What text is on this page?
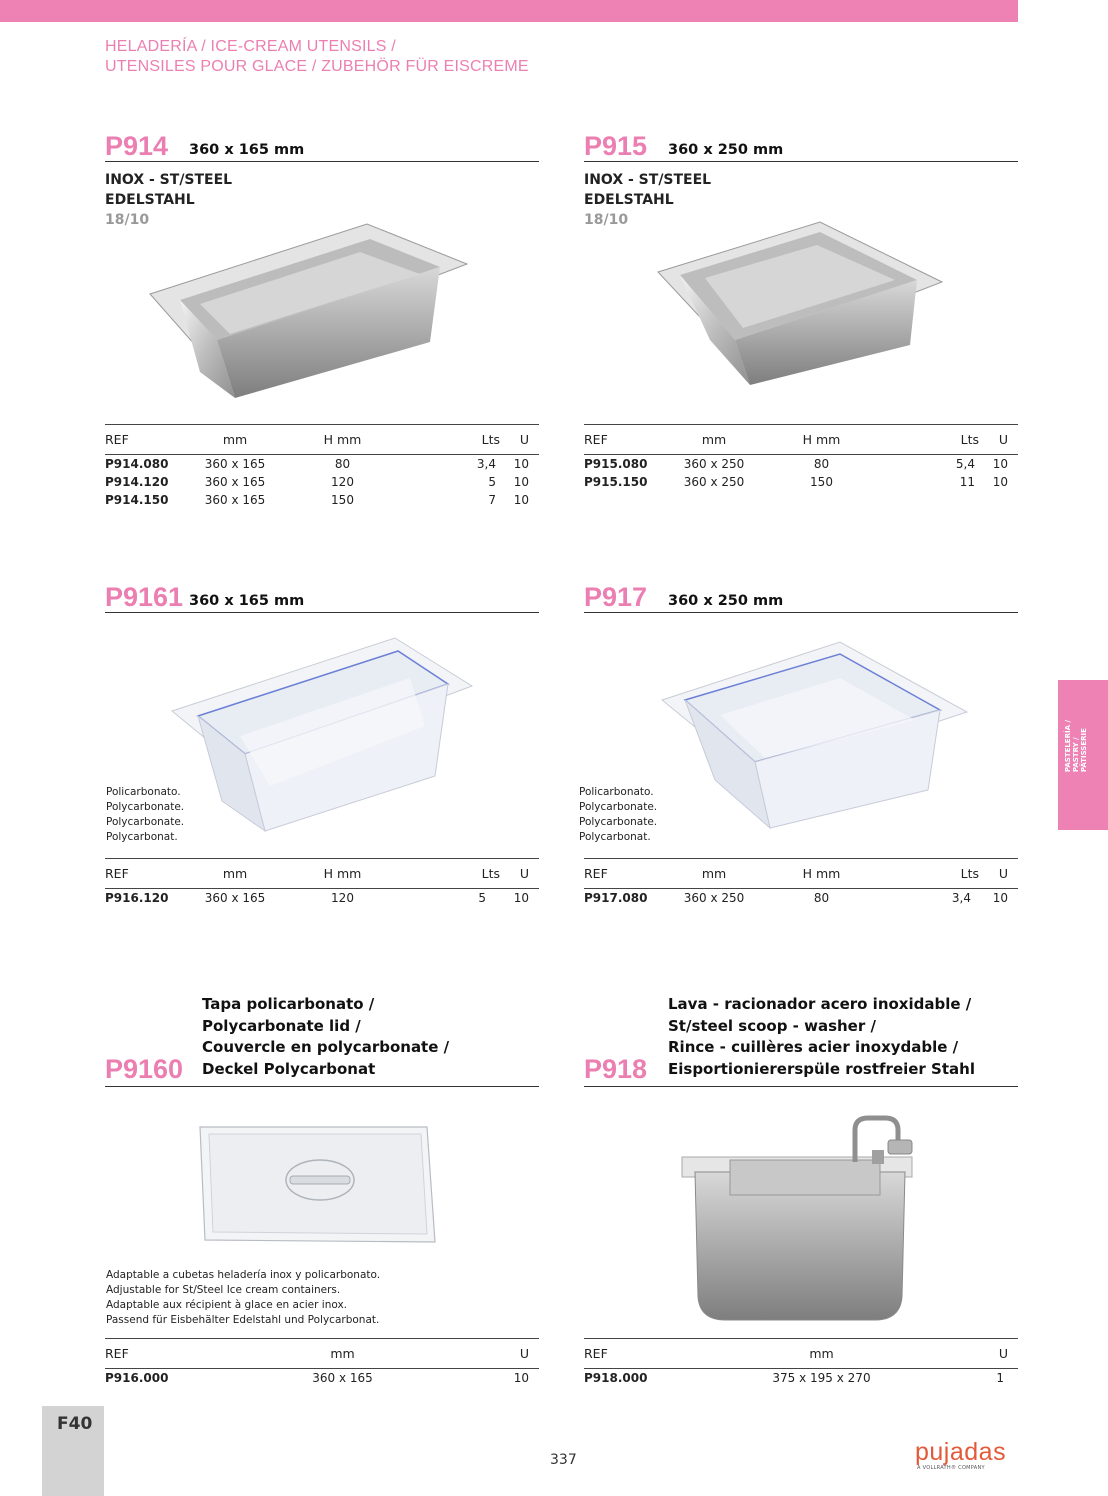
HELADERÍA / ICE-CREAM UTENSILS /
UTENSILES POUR GLACE / ZUBEHÖR FÜR EISCREME
P914 360 x 165 mm
INOX - ST/STEEL
EDELSTAHL
18/10
REF	mm	H mm	Lts	U
P914.080	360 x 165	80	3,4	10
P914.120	360 x 165	120	5	10
P914.150	360 x 165	150	7	10
P915 360 x 250 mm
INOX - ST/STEEL
EDELSTAHL
18/10
REF	mm	H mm	Lts	U
P915.080	360 x 250	80	5,4	10
P915.150	360 x 250	150	11	10
P9161 360 x 165 mm
Policarbonato.
Polycarbonate.
Polycarbonate.
Polycarbonat.
REF	mm	H mm	Lts	U
P916.120	360 x 165	120	5	10
P917 360 x 250 mm
Policarbonato.
Polycarbonate.
Polycarbonate.
Polycarbonat.
REF	mm	H mm	Lts	U
P917.080	360 x 250	80	3,4	10
P9160
Tapa policarbonato /
Polycarbonate lid /
Couvercle en polycarbonate /
Deckel Polycarbonat
Adaptable a cubetas heladería inox y policarbonato.
Adjustable for St/Steel Ice cream containers.
Adaptable aux récipient à glace en acier inox.
Passend für Eisbehälter Edelstahl und Polycarbonat.
REF	mm	U
P916.000	360 x 165	10
P918
Lava - racionador acero inoxidable /
St/steel scoop - washer /
Rince - cuillères acier inoxydable /
Eisportioniererspüle rostfreier Stahl
REF	mm	U
P918.000	375 x 195 x 270	1
PASTELERÍA /
PASTRY /
PÂTISSERIE
F40
337	pujadas
A VOLLRATH® COMPANY
